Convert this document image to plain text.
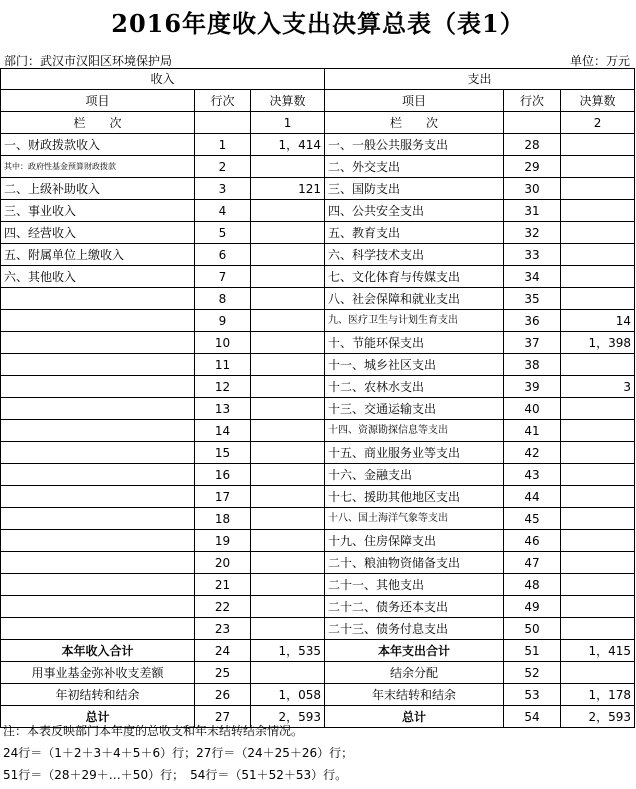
2016年度收入支出决算总表（表1）
部门：武汉市汉阳区环境保护局	单位：万元
收入			支出		
项目	行次	决算数	项目	行次	决算数
栏　　次		1	栏　　次		2
一、财政拨款收入	1	1，414	一、一般公共服务支出	28	
其中：政府性基金预算财政拨款	2		二、外交支出	29	
二、上级补助收入	3	121	三、国防支出	30	
三、事业收入	4		四、公共安全支出	31	
四、经营收入	5		五、教育支出	32	
五、附属单位上缴收入	6		六、科学技术支出	33	
六、其他收入	7		七、文化体育与传媒支出	34	
	8		八、社会保障和就业支出	35	
	9		九、医疗卫生与计划生育支出	36	14
	10		十、节能环保支出	37	1，398
	11		十一、城乡社区支出	38	
	12		十二、农林水支出	39	3
	13		十三、交通运输支出	40	
	14		十四、资源勘探信息等支出	41	
	15		十五、商业服务业等支出	42	
	16		十六、金融支出	43	
	17		十七、援助其他地区支出	44	
	18		十八、国土海洋气象等支出	45	
	19		十九、住房保障支出	46	
	20		二十、粮油物资储备支出	47	
	21		二十一、其他支出	48	
	22		二十二、债务还本支出	49	
	23		二十三、债务付息支出	50	
本年收入合计	24	1，535	本年支出合计	51	1，415
用事业基金弥补收支差额	25		结余分配	52	
年初结转和结余	26	1，058	年末结转和结余	53	1，178
总计	27	2，593	总计	54	2，593
注：本表反映部门本年度的总收支和年末结转结余情况。
24行＝（1＋2＋3＋4＋5＋6）行；27行＝（24＋25＋26）行；
51行＝（28＋29＋…＋50）行；　54行＝（51＋52＋53）行。
